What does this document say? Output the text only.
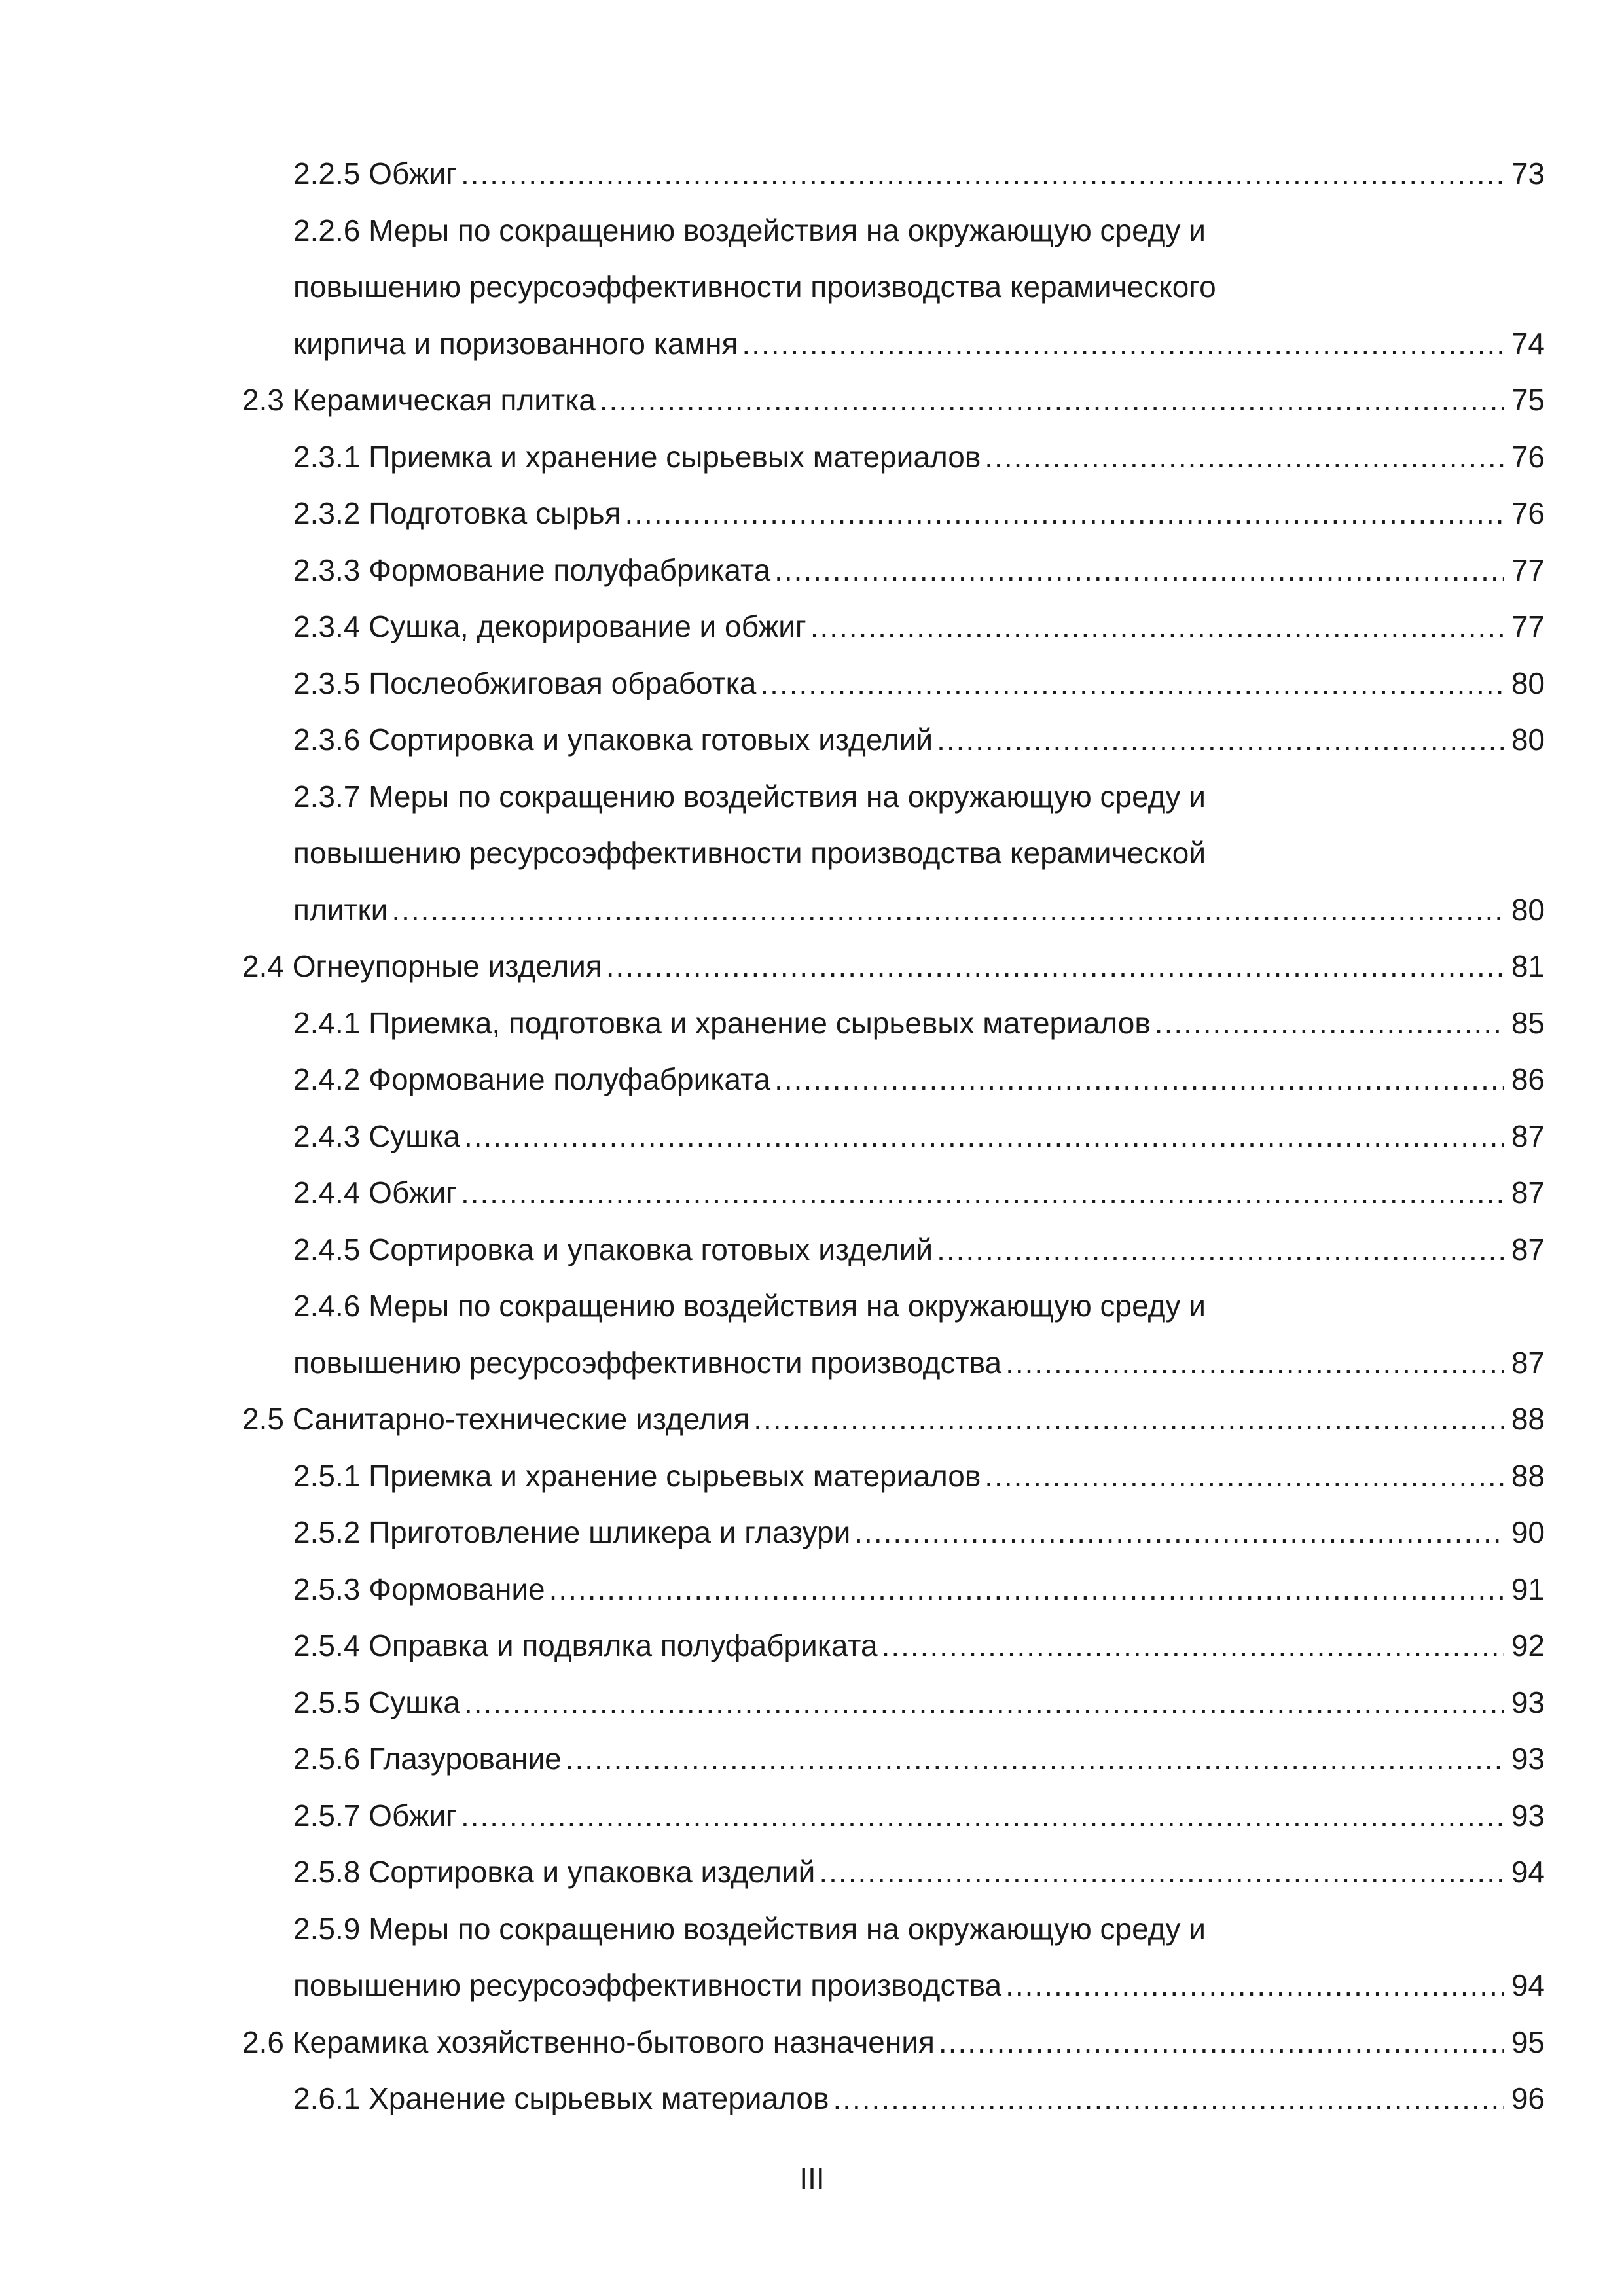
2.2.5 Обжиг .....	73
2.2.6 Меры по сокращению воздействия на окружающую среду и
повышению ресурсоэффективности производства керамического
кирпича и поризованного камня .....	74
2.3 Керамическая плитка .....	75
2.3.1 Приемка и хранение сырьевых материалов .....	76
2.3.2 Подготовка сырья .....	76
2.3.3 Формование полуфабриката .....	77
2.3.4 Сушка, декорирование и обжиг .....	77
2.3.5 Послеобжиговая обработка .....	80
2.3.6 Сортировка и упаковка готовых изделий .....	80
2.3.7 Меры по сокращению воздействия на окружающую среду и
повышению ресурсоэффективности производства керамической
плитки .....	80
2.4 Огнеупорные изделия .....	81
2.4.1 Приемка, подготовка и хранение сырьевых материалов .....	85
2.4.2 Формование полуфабриката .....	86
2.4.3 Сушка .....	87
2.4.4 Обжиг .....	87
2.4.5 Сортировка и упаковка готовых изделий .....	87
2.4.6 Меры по сокращению воздействия на окружающую среду и
повышению ресурсоэффективности производства .....	87
2.5 Санитарно-технические изделия .....	88
2.5.1 Приемка и хранение сырьевых материалов .....	88
2.5.2 Приготовление шликера и глазури .....	90
2.5.3 Формование .....	91
2.5.4 Оправка и подвялка полуфабриката .....	92
2.5.5 Сушка .....	93
2.5.6 Глазурование .....	93
2.5.7 Обжиг .....	93
2.5.8 Сортировка и упаковка изделий .....	94
2.5.9 Меры по сокращению воздействия на окружающую среду и
повышению ресурсоэффективности производства .....	94
2.6 Керамика хозяйственно-бытового назначения .....	95
2.6.1 Хранение сырьевых материалов .....	96
III
